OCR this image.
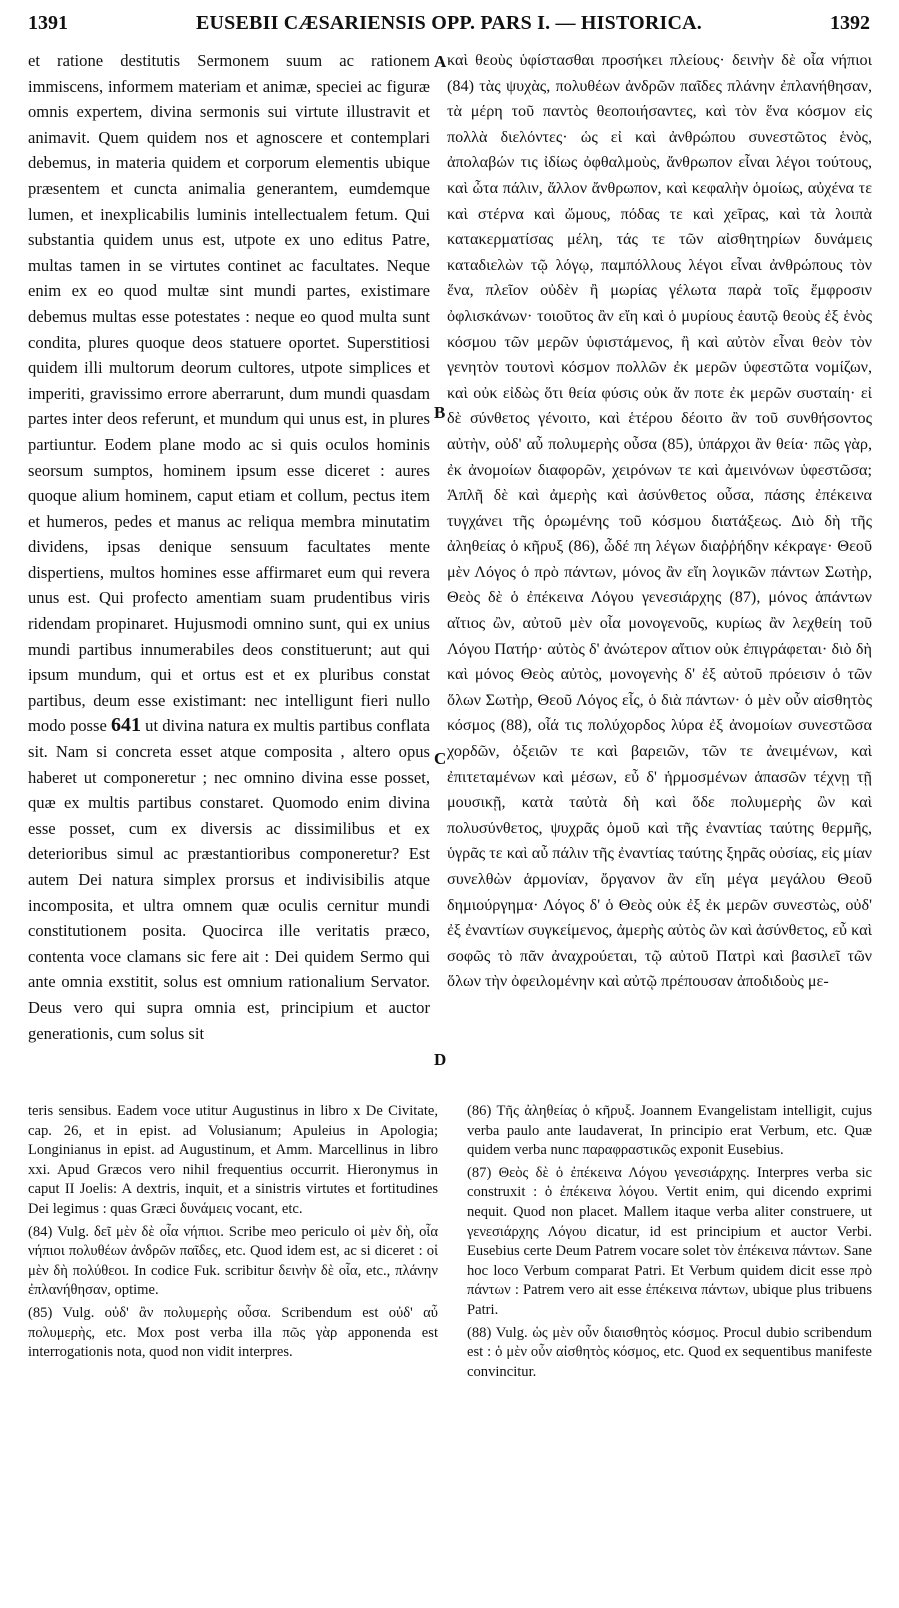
1391	EUSEBII CÆSARIENSIS OPP. PARS I. — HISTORICA.	1392

et ratione destitutis Sermonem suum ac rationem immiscens, informem materiam et animæ, speciei ac figuræ omnis expertem, divina sermonis sui virtute illustravit et animavit. Quem quidem nos et agnoscere et contemplari debemus, in materia quidem et corporum elementis ubique præsentem et cuncta animalia generantem, eumdemque lumen, et inexplicabilis luminis intellectualem fetum. Qui substantia quidem unus est, utpote ex uno editus Patre, multas tamen in se virtutes continet ac facultates. Neque enim ex eo quod multæ sint mundi partes, existimare debemus multas esse potestates : neque eo quod multa sunt condita, plures quoque deos statuere oportet. Superstitiosi quidem illi multorum deorum cultores, utpote simplices et imperiti, gravissimo errore aberrarunt, dum mundi quasdam partes inter deos referunt, et mundum qui unus est, in plures partiuntur. Eodem plane modo ac si quis oculos hominis seorsum sumptos, hominem ipsum esse diceret : aures quoque alium hominem, caput etiam et collum, pectus item et humeros, pedes et manus ac reliqua membra minutatim dividens, ipsas denique sensuum facultates mente dispertiens, multos homines esse affirmaret eum qui revera unus est. Qui profecto amentiam suam prudentibus viris ridendam propinaret. Hujusmodi omnino sunt, qui ex unius mundi partibus innumerabiles deos constituerunt; aut qui ipsum mundum, qui et ortus est et ex pluribus constat partibus, deum esse existimant: nec intelligunt fieri nullo modo posse 641 ut divina natura ex multis partibus conflata sit. Nam si concreta esset atque composita , altero opus haberet ut componeretur ; nec omnino divina esse posset, quæ ex multis partibus constaret. Quomodo enim divina esse posset, cum ex diversis ac dissimilibus et ex deterioribus simul ac præstantioribus componeretur? Est autem Dei natura simplex prorsus et indivisibilis atque incomposita, et ultra omnem quæ oculis cernitur mundi constitutionem posita. Quocirca ille veritatis præco, contenta voce clamans sic fere ait : Dei quidem Sermo qui ante omnia exstitit, solus est omnium rationalium Servator. Deus vero qui supra omnia est, principium et auctor generationis, cum solus sit

A
B
C
D

καὶ θεοὺς ὑφίστασθαι προσήκει πλείους· δεινὴν δὲ οἷα νήπιοι (84) τὰς ψυχὰς, πολυθέων ἀνδρῶν παῖδες πλάνην ἐπλανήθησαν, τὰ μέρη τοῦ παντὸς θεοποιήσαντες, καὶ τὸν ἕνα κόσμον εἰς πολλὰ διελόντες· ὡς εἰ καὶ ἀνθρώπου συνεστῶτος ἑνὸς, ἀπολαβών τις ἰδίως ὀφθαλμοὺς, ἄνθρωπον εἶναι λέγοι τούτους, καὶ ὦτα πάλιν, ἄλλον ἄνθρωπον, καὶ κεφαλὴν ὁμοίως, αὐχένα τε καὶ στέρνα καὶ ὤμους, πόδας τε καὶ χεῖρας, καὶ τὰ λοιπὰ κατακερματίσας μέλη, τάς τε τῶν αἰσθητηρίων δυνάμεις καταδιελὼν τῷ λόγῳ, παμπόλλους λέγοι εἶναι ἀνθρώπους τὸν ἕνα, πλεῖον οὐδὲν ἢ μωρίας γέλωτα παρὰ τοῖς ἔμφροσιν ὀφλισκάνων· τοιοῦτος ἂν εἴη καὶ ὁ μυρίους ἑαυτῷ θεοὺς ἐξ ἑνὸς κόσμου τῶν μερῶν ὑφιστάμενος, ἢ καὶ αὐτὸν εἶναι θεὸν τὸν γενητὸν τουτονὶ κόσμον πολλῶν ἐκ μερῶν ὑφεστῶτα νομίζων, καὶ οὐκ εἰδὼς ὅτι θεία φύσις οὐκ ἄν ποτε ἐκ μερῶν συσταίη· εἰ δὲ σύνθετος γένοιτο, καὶ ἑτέρου δέοιτο ἂν τοῦ συνθήσοντος αὐτὴν, οὐδ' αὖ πολυμερὴς οὖσα (85), ὑπάρχοι ἂν θεία· πῶς γὰρ, ἐκ ἀνομοίων διαφορῶν, χειρόνων τε καὶ ἀμεινόνων ὑφεστῶσα; Ἁπλῆ δὲ καὶ ἀμερὴς καὶ ἀσύνθετος οὖσα, πάσης ἐπέκεινα τυγχάνει τῆς ὁρωμένης τοῦ κόσμου διατάξεως. Διὸ δὴ τῆς ἀληθείας ὁ κῆρυξ (86), ὧδέ πη λέγων διαῤῥήδην κέκραγε· Θεοῦ μὲν Λόγος ὁ πρὸ πάντων, μόνος ἂν εἴη λογικῶν πάντων Σωτὴρ, Θεὸς δὲ ὁ ἐπέκεινα Λόγου γενεσιάρχης (87), μόνος ἁπάντων αἴτιος ὢν, αὐτοῦ μὲν οἷα μονογενοῦς, κυρίως ἂν λεχθείη τοῦ Λόγου Πατήρ· αὐτὸς δ' ἀνώτερον αἴτιον οὐκ ἐπιγράφεται· διὸ δὴ καὶ μόνος Θεὸς αὐτὸς, μονογενὴς δ' ἐξ αὐτοῦ πρόεισιν ὁ τῶν ὅλων Σωτὴρ, Θεοῦ Λόγος εἷς, ὁ διὰ πάντων· ὁ μὲν οὖν αἰσθητὸς κόσμος (88), οἷά τις πολύχορδος λύρα ἐξ ἀνομοίων συνεστῶσα χορδῶν, ὀξειῶν τε καὶ βαρειῶν, τῶν τε ἀνειμένων, καὶ ἐπιτεταμένων καὶ μέσων, εὖ δ' ἡρμοσμένων ἁπασῶν τέχνῃ τῇ μουσικῇ, κατὰ ταὐτὰ δὴ καὶ ὅδε πολυμερὴς ὢν καὶ πολυσύνθετος, ψυχρᾶς ὁμοῦ καὶ τῆς ἐναντίας ταύτης θερμῆς, ὑγρᾶς τε καὶ αὖ πάλιν τῆς ἐναντίας ταύτης ξηρᾶς οὐσίας, εἰς μίαν συνελθὼν ἁρμονίαν, ὄργανον ἂν εἴη μέγα μεγάλου Θεοῦ δημιούργημα· Λόγος δ' ὁ Θεὸς οὐκ ἐξ ἐκ μερῶν συνεστὼς, οὐδ' ἐξ ἐναντίων συγκείμενος, ἀμερὴς αὐτὸς ὢν καὶ ἀσύνθετος, εὖ καὶ σοφῶς τὸ πᾶν ἀναχρούεται, τῷ αὐτοῦ Πατρὶ καὶ βασιλεῖ τῶν ὅλων τὴν ὀφειλομένην καὶ αὐτῷ πρέπουσαν ἀποδιδοὺς με-

teris sensibus. Eadem voce utitur Augustinus in libro x De Civitate, cap. 26, et in epist. ad Volusianum; Apuleius in Apologia; Longinianus in epist. ad Augustinum, et Amm. Marcellinus in libro xxi. Apud Græcos vero nihil frequentius occurrit. Hieronymus in caput II Joelis: A dextris, inquit, et a sinistris virtutes et fortitudines Dei legimus : quas Græci δυνάμεις vocant, etc.

(84) Vulg. δεῖ μὲν δὲ οἷα νήπιοι. Scribe meo periculo οἱ μὲν δὴ, οἷα νήπιοι πολυθέων ἀνδρῶν παῖδες, etc. Quod idem est, ac si diceret : οἱ μὲν δὴ πολύθεοι. In codice Fuk. scribitur δεινὴν δὲ οἷα, etc., πλάνην ἐπλανήθησαν, optime.

(85) Vulg. οὐδ' ἂν πολυμερὴς οὖσα. Scribendum est οὐδ' αὖ πολυμερὴς, etc. Mox post verba illa πῶς γὰρ apponenda est interrogationis nota, quod non vidit interpres.

(86) Τῆς ἀληθείας ὁ κῆρυξ. Joannem Evangelistam intelligit, cujus verba paulo ante laudaverat, In principio erat Verbum, etc. Quæ quidem verba nunc παραφραστικῶς exponit Eusebius.

(87) Θεὸς δὲ ὁ ἐπέκεινα Λόγου γενεσιάρχης. Interpres verba sic construxit : ὁ ἐπέκεινα λόγου. Vertit enim, qui dicendo exprimi nequit. Quod non placet. Mallem itaque verba aliter construere, ut γενεσιάρχης Λόγου dicatur, id est principium et auctor Verbi. Eusebius certe Deum Patrem vocare solet τὸν ἐπέκεινα πάντων. Sane hoc loco Verbum comparat Patri. Et Verbum quidem dicit esse πρὸ πάντων : Patrem vero ait esse ἐπέκεινα πάντων, ubique plus tribuens Patri.

(88) Vulg. ὡς μὲν οὖν διαισθητὸς κόσμος. Procul dubio scribendum est : ὁ μὲν οὖν αἰσθητὸς κόσμος, etc. Quod ex sequentibus manifeste convincitur.
